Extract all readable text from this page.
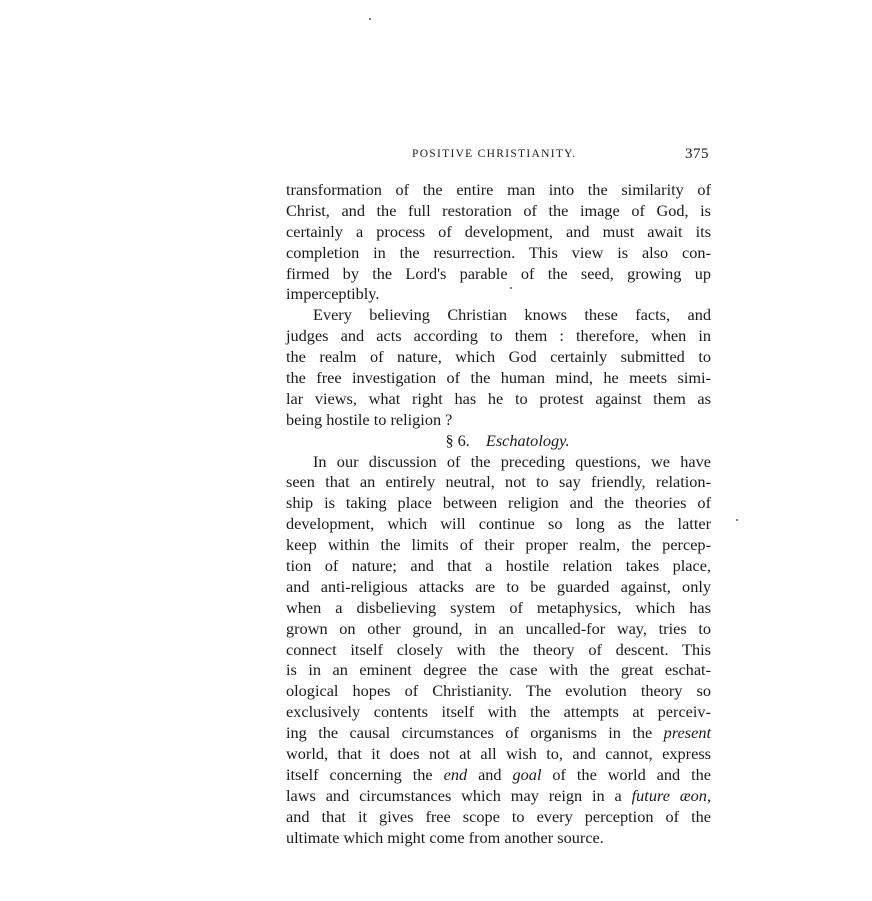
POSITIVE CHRISTIANITY.	375
transformation of the entire man into the similarity of
Christ, and the full restoration of the image of God, is
certainly a process of development, and must await its
completion in the resurrection. This view is also con-
firmed by the Lord's parable of the seed, growing up
imperceptibly.
Every believing Christian knows these facts, and
judges and acts according to them : therefore, when in
the realm of nature, which God certainly submitted to
the free investigation of the human mind, he meets simi-
lar views, what right has he to protest against them as
being hostile to religion ?
§ 6. Eschatology.
In our discussion of the preceding questions, we have
seen that an entirely neutral, not to say friendly, relation-
ship is taking place between religion and the theories of
development, which will continue so long as the latter
keep within the limits of their proper realm, the percep-
tion of nature; and that a hostile relation takes place,
and anti-religious attacks are to be guarded against, only
when a disbelieving system of metaphysics, which has
grown on other ground, in an uncalled-for way, tries to
connect itself closely with the theory of descent. This
is in an eminent degree the case with the great eschat-
ological hopes of Christianity. The evolution theory so
exclusively contents itself with the attempts at perceiv-
ing the causal circumstances of organisms in the present
world, that it does not at all wish to, and cannot, express
itself concerning the end and goal of the world and the
laws and circumstances which may reign in a future æon,
and that it gives free scope to every perception of the
ultimate which might come from another source.
